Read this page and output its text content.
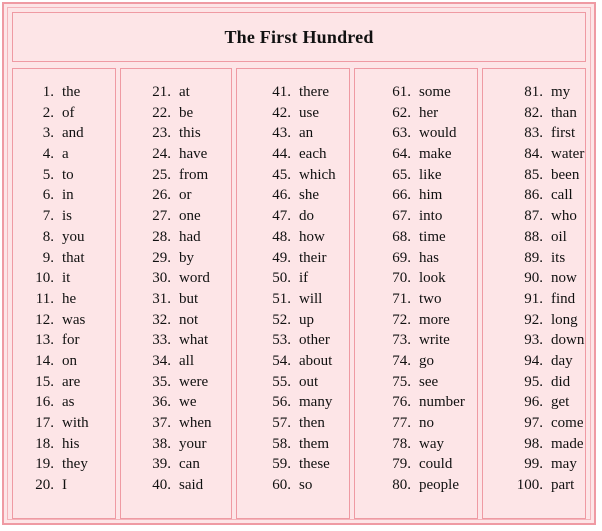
The First Hundred
1. the
2. of
3. and
4. a
5. to
6. in
7. is
8. you
9. that
10. it
11. he
12. was
13. for
14. on
15. are
16. as
17. with
18. his
19. they
20. I
21. at
22. be
23. this
24. have
25. from
26. or
27. one
28. had
29. by
30. word
31. but
32. not
33. what
34. all
35. were
36. we
37. when
38. your
39. can
40. said
41. there
42. use
43. an
44. each
45. which
46. she
47. do
48. how
49. their
50. if
51. will
52. up
53. other
54. about
55. out
56. many
57. then
58. them
59. these
60. so
61. some
62. her
63. would
64. make
65. like
66. him
67. into
68. time
69. has
70. look
71. two
72. more
73. write
74. go
75. see
76. number
77. no
78. way
79. could
80. people
81. my
82. than
83. first
84. water
85. been
86. call
87. who
88. oil
89. its
90. now
91. find
92. long
93. down
94. day
95. did
96. get
97. come
98. made
99. may
100. part
